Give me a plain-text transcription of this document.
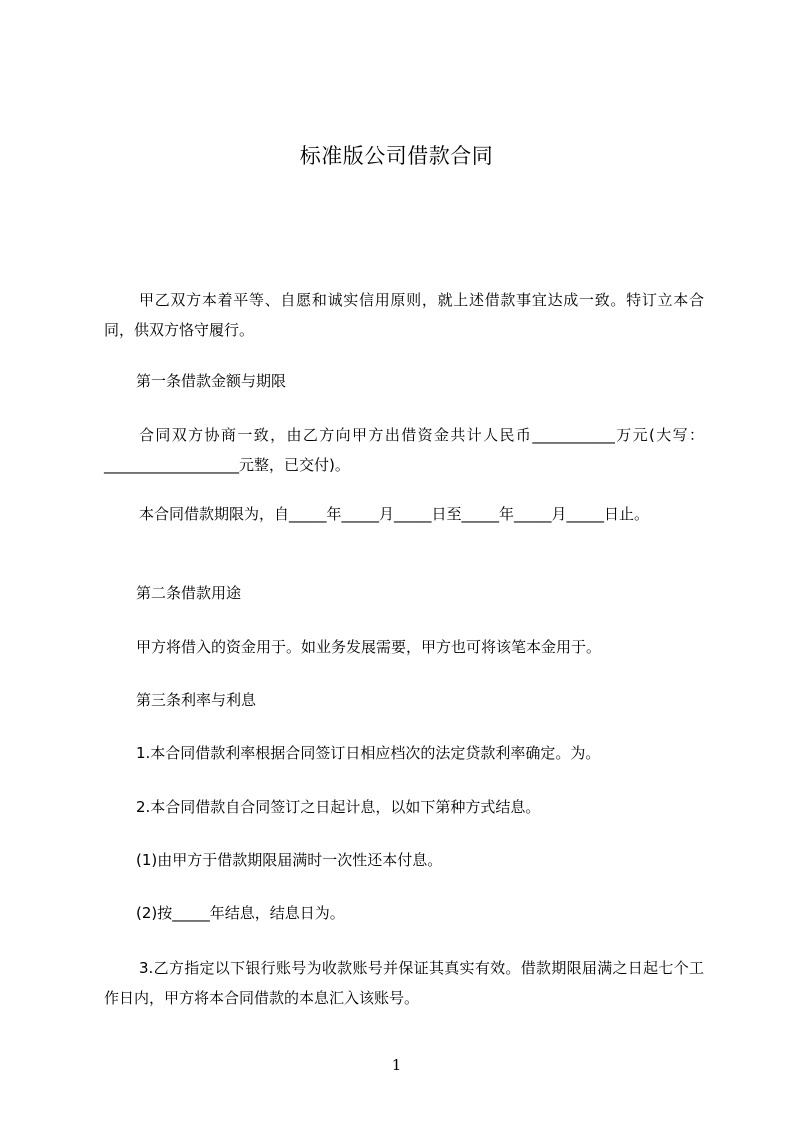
标准版公司借款合同

甲乙双方本着平等、自愿和诚实信用原则，就上述借款事宜达成一致。特订立本合同，供双方恪守履行。

第一条借款金额与期限

合同双方协商一致，由乙方向甲方出借资金共计人民币___________万元(大写：__________________元整，已交付)。

本合同借款期限为，自_____年_____月_____日至_____年_____月_____日止。

第二条借款用途

甲方将借入的资金用于。如业务发展需要，甲方也可将该笔本金用于。

第三条利率与利息

1.本合同借款利率根据合同签订日相应档次的法定贷款利率确定。为。

2.本合同借款自合同签订之日起计息，以如下第种方式结息。

(1)由甲方于借款期限届满时一次性还本付息。

(2)按_____年结息，结息日为。

3.乙方指定以下银行账号为收款账号并保证其真实有效。借款期限届满之日起七个工作日内，甲方将本合同借款的本息汇入该账号。

1
